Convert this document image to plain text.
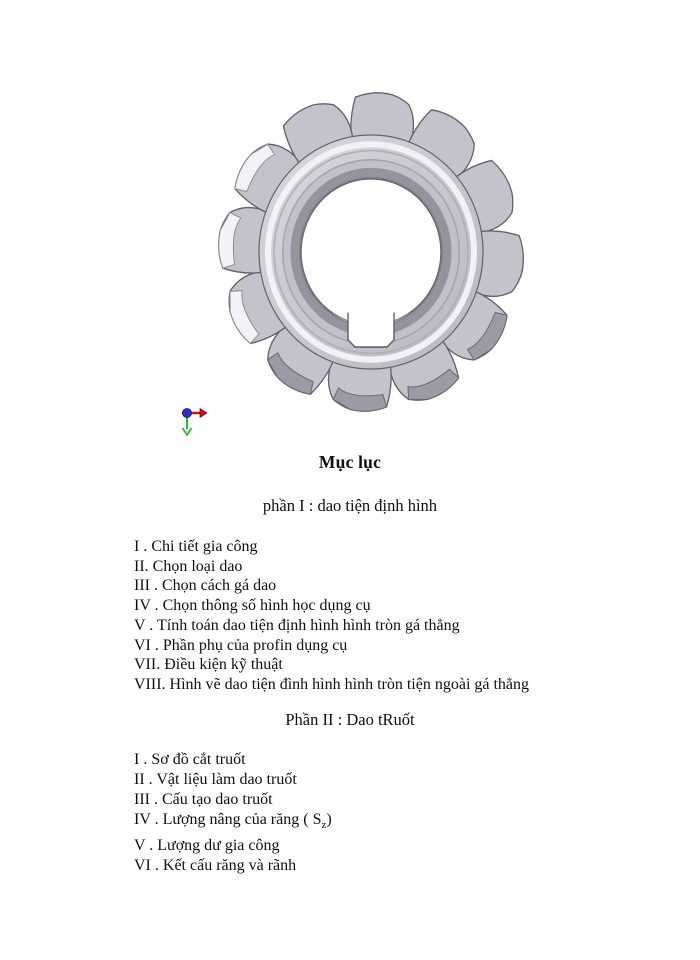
Mục lục
phần I : dao tiện định hình
I . Chi tiết gia công
II. Chọn loại dao
III . Chọn cách gá dao
IV . Chọn thông số hình học dụng cụ
V . Tính toán dao tiện định hình hình tròn gá thẳng
VI . Phần phụ của profin dụng cụ
VII. Điều kiện kỹ thuật
VIII. Hình vẽ dao tiện đình hình hình tròn tiện ngoài gá thẳng
Phần II : Dao tRuốt
I . Sơ đồ cắt truốt
II . Vật liệu làm dao truốt
III . Cấu tạo dao truốt
IV . Lượng nâng của răng ( $S_z$)
V . Lượng dư gia công
VI . Kết cấu răng và rãnh
